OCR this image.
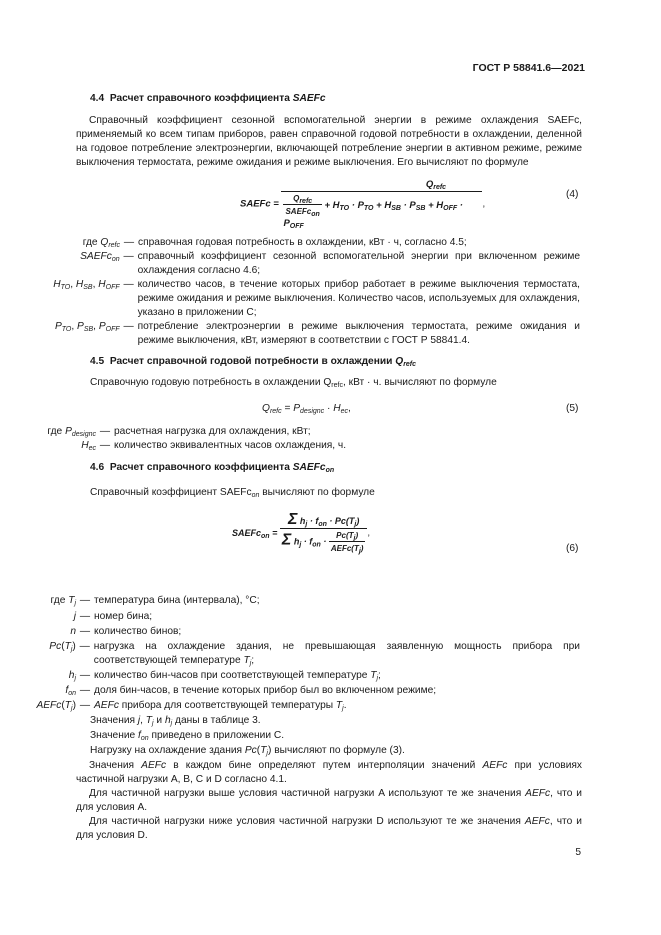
ГОСТ Р 58841.6—2021
4.4 Расчет справочного коэффициента SAEFc
Справочный коэффициент сезонной вспомогательной энергии в режиме охлаждения SAEFc, применяемый ко всем типам приборов, равен справочной годовой потребности в охлаждении, деленной на годовое потребление электроэнергии, включающей потребление энергии в активном режиме, режиме выключения термостата, режиме ожидания и режиме выключения. Его вычисляют по формуле
SAEFc = $\frac{Q_{refc}}{\frac{Q_{refc}}{SAEFc_{on}} + H_{TO} \cdot P_{TO} + H_{SB} \cdot P_{SB} + H_{OFF} \cdot P_{OFF}}$ ,
(4)
где $Q_{refc}$ — справочная годовая потребность в охлаждении, кВт · ч, согласно 4.5;
SAEFc$_{on}$ — справочный коэффициент сезонной вспомогательной энергии при включенном режиме охлаждения согласно 4.6;
$H_{TO}$, $H_{SB}$, $H_{OFF}$ — количество часов, в течение которых прибор работает в режиме выключения термостата, режиме ожидания и режиме выключения. Количество часов, используемых для охлаждения, указано в приложении С;
$P_{TO}$, $P_{SB}$, $P_{OFF}$ — потребление электроэнергии в режиме выключения термостата, режиме ожидания и режиме выключения, кВт, измеряют в соответствии с ГОСТ Р 58841.4.
4.5 Расчет справочной годовой потребности в охлаждении $Q_{refc}$
Справочную годовую потребность в охлаждении $Q_{refc}$, кВт · ч. вычисляют по формуле
$Q_{refc} = P_{designc} \cdot H_{ec}$,	(5)
где $P_{designc}$ — расчетная нагрузка для охлаждения, кВт;
$H_{ec}$ — количество эквивалентных часов охлаждения, ч.
4.6 Расчет справочного коэффициента SAEFc$_{on}$
Справочный коэффициент SAEFc$_{on}$ вычисляют по формуле
SAEFc$_{on}$ = $\frac{\Sigma h_j \cdot f_{on} \cdot Pc(T_j)}{\Sigma h_j \cdot f_{on} \cdot \frac{Pc(T_j)}{AEFc(T_j)}}$ ,
(6)
где $T_j$ — температура бина (интервала), °С;
j — номер бина;
n — количество бинов;
$Pc(T_j)$ — нагрузка на охлаждение здания, не превышающая заявленную мощность прибора при соответствующей температуре $T_j$;
$h_j$ — количество бин-часов при соответствующей температуре $T_j$;
$f_{on}$ — доля бин-часов, в течение которых прибор был во включенном режиме;
$AEFc(T_j)$ — AEFc прибора для соответствующей температуры $T_j$.
Значения j, $T_j$ и $h_j$ даны в таблице 3.
Значение $f_{on}$ приведено в приложении С.
Нагрузку на охлаждение здания $Pc(T_j)$ вычисляют по формуле (3).
Значения AEFc в каждом бине определяют путем интерполяции значений AEFc при условиях частичной нагрузки A, B, C и D согласно 4.1.
Для частичной нагрузки выше условия частичной нагрузки A используют те же значения AEFc, что и для условия A.
Для частичной нагрузки ниже условия частичной нагрузки D используют те же значения AEFc, что и для условия D.
5
